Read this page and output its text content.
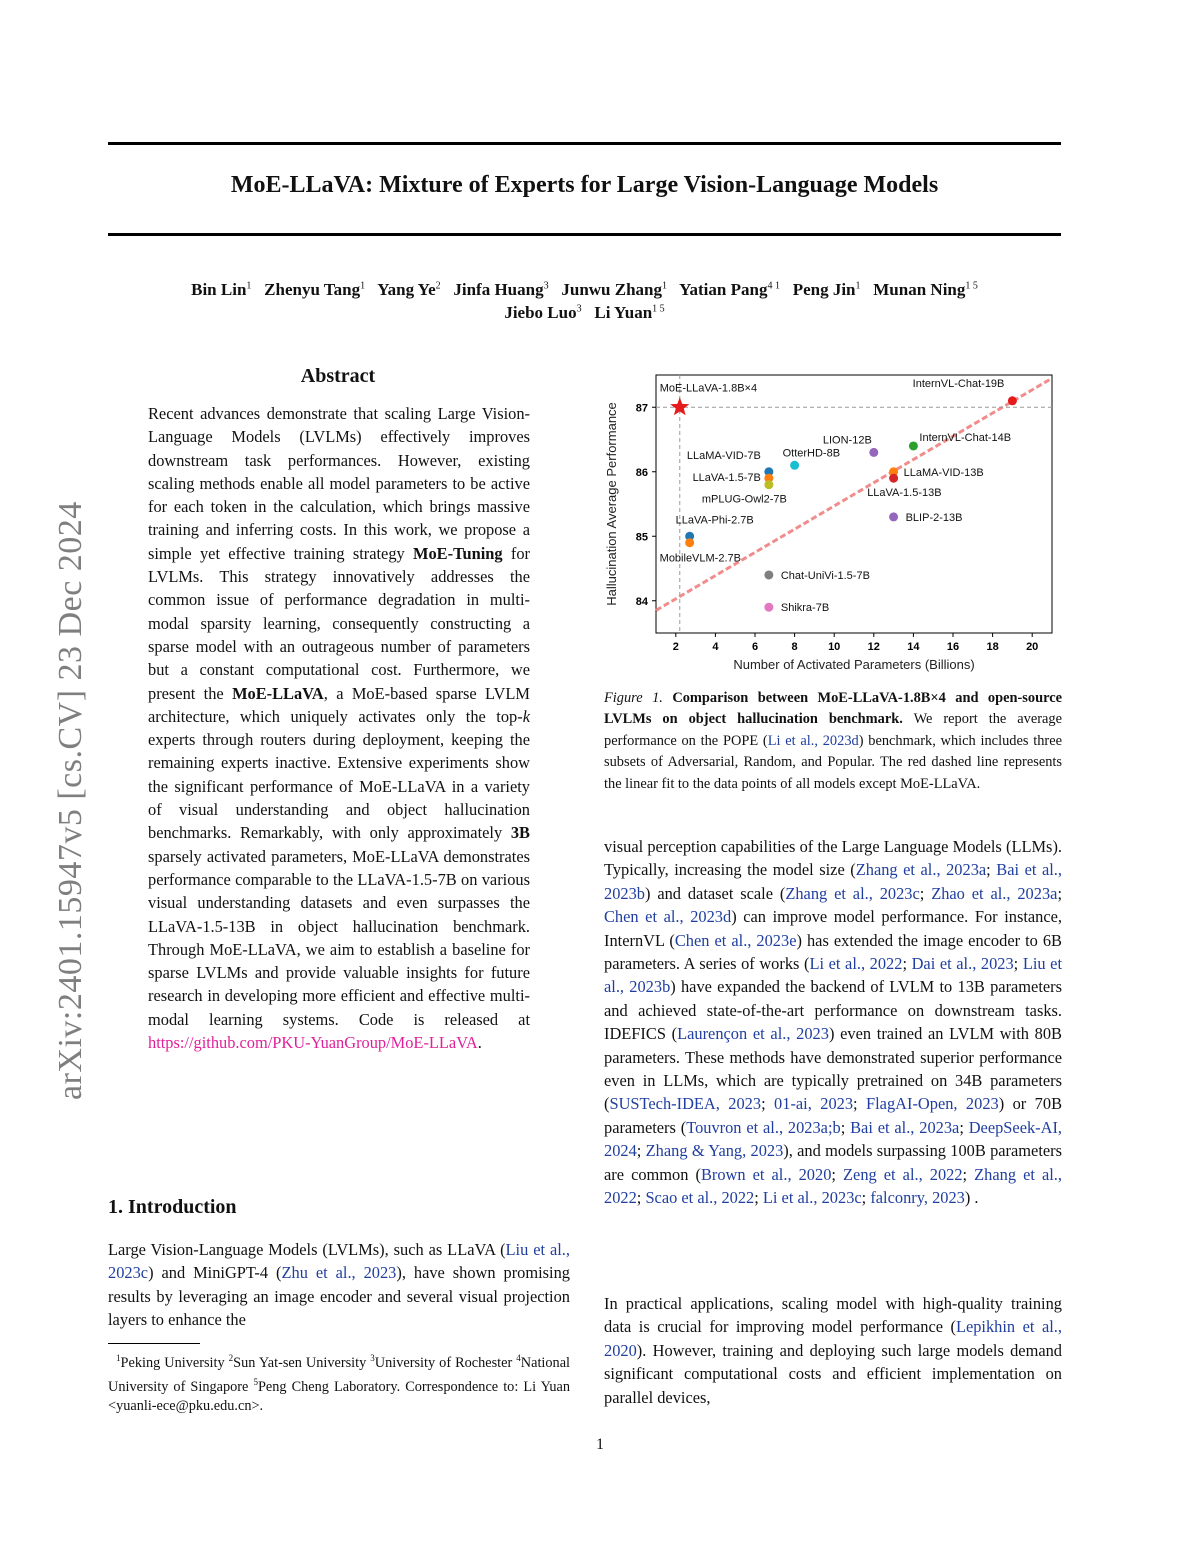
MoE-LLaVA: Mixture of Experts for Large Vision-Language Models
Bin Lin$^1$ Zhenyu Tang$^1$ Yang Ye$^2$ Jinfa Huang$^3$ Junwu Zhang$^1$ Yatian Pang$^{4 1}$ Peng Jin$^1$ Munan Ning$^{1 5}$
Jiebo Luo$^3$ Li Yuan$^{1 5}$
arXiv:2401.15947v5 [cs.CV] 23 Dec 2024
Abstract
Recent advances demonstrate that scaling Large Vision-Language Models (LVLMs) effectively improves downstream task performances. However, existing scaling methods enable all model parameters to be active for each token in the calculation, which brings massive training and inferring costs. In this work, we propose a simple yet effective training strategy MoE-Tuning for LVLMs. This strategy innovatively addresses the common issue of performance degradation in multi-modal sparsity learning, consequently constructing a sparse model with an outrageous number of parameters but a constant computational cost. Furthermore, we present the MoE-LLaVA, a MoE-based sparse LVLM architecture, which uniquely activates only the top-k experts through routers during deployment, keeping the remaining experts inactive. Extensive experiments show the significant performance of MoE-LLaVA in a variety of visual understanding and object hallucination benchmarks. Remarkably, with only approximately 3B sparsely activated parameters, MoE-LLaVA demonstrates performance comparable to the LLaVA-1.5-7B on various visual understanding datasets and even surpasses the LLaVA-1.5-13B in object hallucination benchmark. Through MoE-LLaVA, we aim to establish a baseline for sparse LVLMs and provide valuable insights for future research in developing more efficient and effective multi-modal learning systems. Code is released at https://github.com/PKU-YuanGroup/MoE-LLaVA.
1. Introduction
Large Vision-Language Models (LVLMs), such as LLaVA (Liu et al., 2023c) and MiniGPT-4 (Zhu et al., 2023), have shown promising results by leveraging an image encoder and several visual projection layers to enhance the
$^1$Peking University $^2$Sun Yat-sen University $^3$University of Rochester $^4$National University of Singapore $^5$Peng Cheng Laboratory. Correspondence to: Li Yuan <yuanli-ece@pku.edu.cn>.
2	4	6	8	10 12 14 16 18 20
84
85
86
87
Number of Activated Parameters (Billions)
Hallucination Average Performance
MoE-LLaVA-1.8B×4	InternVL-Chat-19B
InternVL-Chat-14B
LION-12B
OtterHD-8B
LLaMA-VID-7B
LLaVA-1.5-7B
mPLUG-Owl2-7B
LLaMA-VID-13B
LLaVA-1.5-13B
BLIP-2-13B
LLaVA-Phi-2.7B
MobileVLM-2.7B
Chat-UniVi-1.5-7B
Shikra-7B
Figure 1. Comparison between MoE-LLaVA-1.8B×4 and open-source LVLMs on object hallucination benchmark. We report the average performance on the POPE (Li et al., 2023d) benchmark, which includes three subsets of Adversarial, Random, and Popular. The red dashed line represents the linear fit to the data points of all models except MoE-LLaVA.
visual perception capabilities of the Large Language Models (LLMs). Typically, increasing the model size (Zhang et al., 2023a; Bai et al., 2023b) and dataset scale (Zhang et al., 2023c; Zhao et al., 2023a; Chen et al., 2023d) can improve model performance. For instance, InternVL (Chen et al., 2023e) has extended the image encoder to 6B parameters. A series of works (Li et al., 2022; Dai et al., 2023; Liu et al., 2023b) have expanded the backend of LVLM to 13B parameters and achieved state-of-the-art performance on downstream tasks. IDEFICS (Laurençon et al., 2023) even trained an LVLM with 80B parameters. These methods have demonstrated superior performance even in LLMs, which are typically pretrained on 34B parameters (SUSTech-IDEA, 2023; 01-ai, 2023; FlagAI-Open, 2023) or 70B parameters (Touvron et al., 2023a;b; Bai et al., 2023a; DeepSeek-AI, 2024; Zhang & Yang, 2023), and models surpassing 100B parameters are common (Brown et al., 2020; Zeng et al., 2022; Zhang et al., 2022; Scao et al., 2022; Li et al., 2023c; falconry, 2023) .
In practical applications, scaling model with high-quality training data is crucial for improving model performance (Lepikhin et al., 2020). However, training and deploying such large models demand significant computational costs and efficient implementation on parallel devices,
1
